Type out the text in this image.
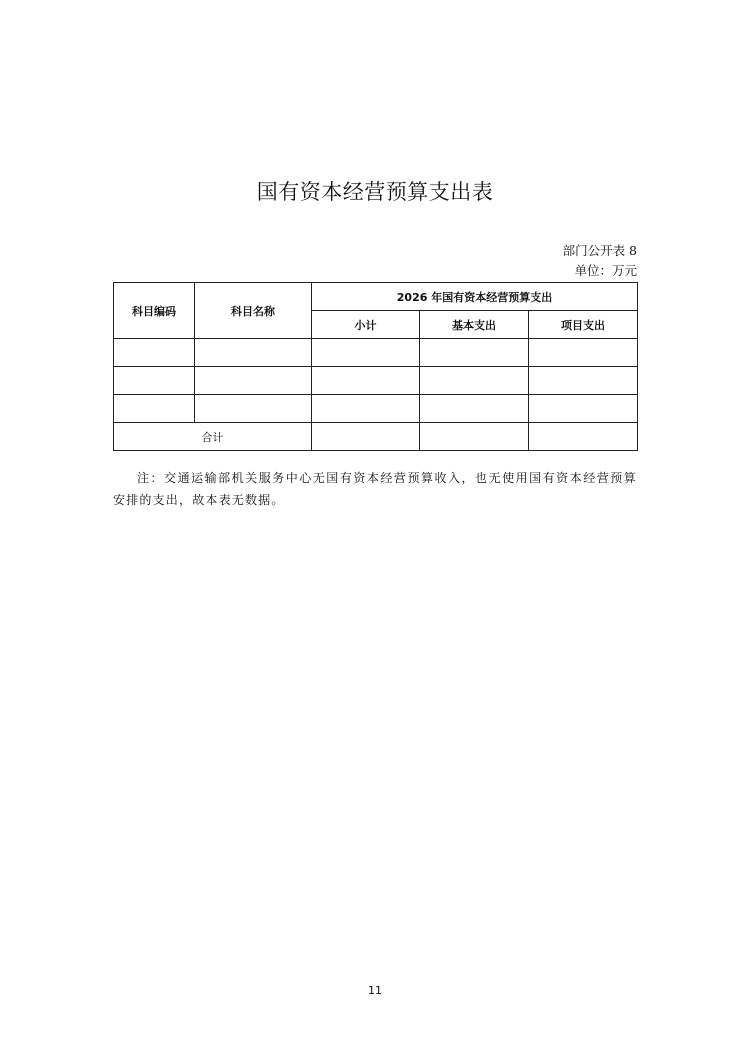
国有资本经营预算支出表
部门公开表 8
单位：万元
科目编码	科目名称	2026 年国有资本经营预算支出		
		小计	基本支出	项目支出

合计				
注：交通运输部机关服务中心无国有资本经营预算收入，也无使用国有资本经营预算安排的支出，故本表无数据。
11
